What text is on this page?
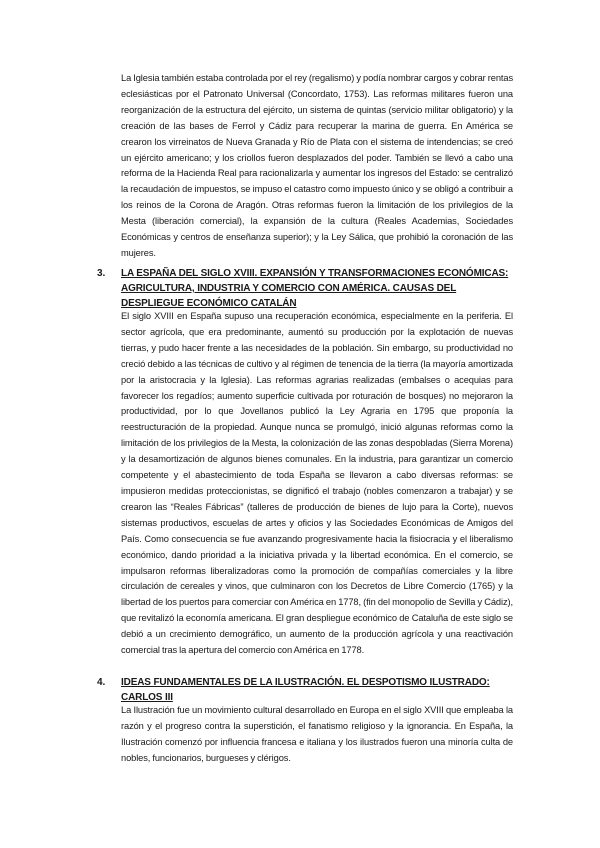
La Iglesia también estaba controlada por el rey (regalismo) y podía nombrar cargos y cobrar rentas eclesiásticas por el Patronato Universal (Concordato, 1753). Las reformas militares fueron una reorganización de la estructura del ejército, un sistema de quintas (servicio militar obligatorio) y la creación de las bases de Ferrol y Cádiz para recuperar la marina de guerra. En América se crearon los virreinatos de Nueva Granada y Río de Plata con el sistema de intendencias; se creó un ejército americano; y los criollos fueron desplazados del poder. También se llevó a cabo una reforma de la Hacienda Real para racionalizarla y aumentar los ingresos del Estado: se centralizó la recaudación de impuestos, se impuso el catastro como impuesto único y se obligó a contribuir a los reinos de la Corona de Aragón. Otras reformas fueron la limitación de los privilegios de la Mesta (liberación comercial), la expansión de la cultura (Reales Academias, Sociedades Económicas y centros de enseñanza superior); y la Ley Sálica, que prohibió la coronación de las mujeres.

3. LA ESPAÑA DEL SIGLO XVIII. EXPANSIÓN Y TRANSFORMACIONES ECONÓMICAS: AGRICULTURA, INDUSTRIA Y COMERCIO CON AMÉRICA. CAUSAS DEL DESPLIEGUE ECONÓMICO CATALÁN

El siglo XVIII en España supuso una recuperación económica, especialmente en la periferia. El sector agrícola, que era predominante, aumentó su producción por la explotación de nuevas tierras, y pudo hacer frente a las necesidades de la población. Sin embargo, su productividad no creció debido a las técnicas de cultivo y al régimen de tenencia de la tierra (la mayoría amortizada por la aristocracia y la Iglesia). Las reformas agrarias realizadas (embalses o acequias para favorecer los regadíos; aumento superficie cultivada por roturación de bosques) no mejoraron la productividad, por lo que Jovellanos publicó la Ley Agraria en 1795 que proponía la reestructuración de la propiedad. Aunque nunca se promulgó, inició algunas reformas como la limitación de los privilegios de la Mesta, la colonización de las zonas despobladas (Sierra Morena) y la desamortización de algunos bienes comunales. En la industria, para garantizar un comercio competente y el abastecimiento de toda España se llevaron a cabo diversas reformas: se impusieron medidas proteccionistas, se dignificó el trabajo (nobles comenzaron a trabajar) y se crearon las “Reales Fábricas” (talleres de producción de bienes de lujo para la Corte), nuevos sistemas productivos, escuelas de artes y oficios y las Sociedades Económicas de Amigos del País. Como consecuencia se fue avanzando progresivamente hacia la fisiocracia y el liberalismo económico, dando prioridad a la iniciativa privada y la libertad económica. En el comercio, se impulsaron reformas liberalizadoras como la promoción de compañías comerciales y la libre circulación de cereales y vinos, que culminaron con los Decretos de Libre Comercio (1765) y la libertad de los puertos para comerciar con América en 1778, (fin del monopolio de Sevilla y Cádiz), que revitalizó la economía americana. El gran despliegue económico de Cataluña de este siglo se debió a un crecimiento demográfico, un aumento de la producción agrícola y una reactivación comercial tras la apertura del comercio con América en 1778.

4. IDEAS FUNDAMENTALES DE LA ILUSTRACIÓN. EL DESPOTISMO ILUSTRADO: CARLOS III

La Ilustración fue un movimiento cultural desarrollado en Europa en el siglo XVIII que empleaba la razón y el progreso contra la superstición, el fanatismo religioso y la ignorancia. En España, la Ilustración comenzó por influencia francesa e italiana y los ilustrados fueron una minoría culta de nobles, funcionarios, burgueses y clérigos.
